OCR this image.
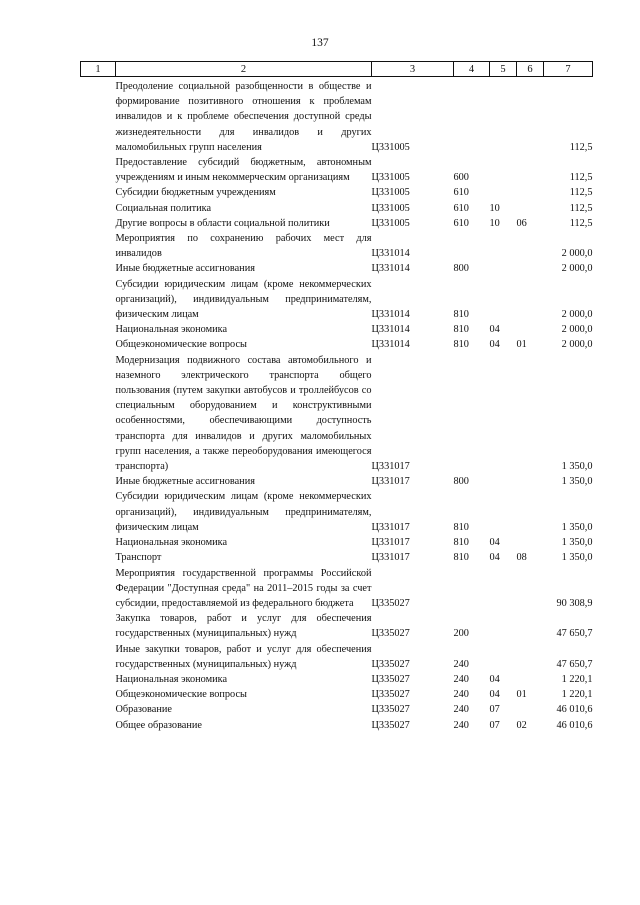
137
1	2	3	4	5	6	7
	Преодоление социальной разобщенности в обществе и формирование позитивного отношения к проблемам инвалидов и к проблеме обеспечения доступной среды жизнедеятельности для инвалидов и других маломобильных групп населения	Ц331005				112,5
	Предоставление субсидий бюджетным, автономным учреждениям и иным некоммерческим организациям	Ц331005	600			112,5
	Субсидии бюджетным учреждениям	Ц331005	610			112,5
	Социальная политика	Ц331005	610	10		112,5
	Другие вопросы в области социальной политики	Ц331005	610	10	06	112,5
	Мероприятия по сохранению рабочих мест для инвалидов	Ц331014				2 000,0
	Иные бюджетные ассигнования	Ц331014	800			2 000,0
	Субсидии юридическим лицам (кроме некоммерческих организаций), индивидуальным предпринимателям, физическим лицам	Ц331014	810			2 000,0
	Национальная экономика	Ц331014	810	04		2 000,0
	Общеэкономические вопросы	Ц331014	810	04	01	2 000,0
	Модернизация подвижного состава автомобильного и наземного электрического транспорта общего пользования (путем закупки автобусов и троллейбусов со специальным оборудованием и конструктивными особенностями, обеспечивающими доступность транспорта для инвалидов и других маломобильных групп населения, а также переоборудования имеющегося транспорта)	Ц331017				1 350,0
	Иные бюджетные ассигнования	Ц331017	800			1 350,0
	Субсидии юридическим лицам (кроме некоммерческих организаций), индивидуальным предпринимателям, физическим лицам	Ц331017	810			1 350,0
	Национальная экономика	Ц331017	810	04		1 350,0
	Транспорт	Ц331017	810	04	08	1 350,0
	Мероприятия государственной программы Российской Федерации "Доступная среда" на 2011–2015 годы за счет субсидии, предоставляемой из федерального бюджета	Ц335027				90 308,9
	Закупка товаров, работ и услуг для обеспечения государственных (муниципальных) нужд	Ц335027	200			47 650,7
	Иные закупки товаров, работ и услуг для обеспечения государственных (муниципальных) нужд	Ц335027	240			47 650,7
	Национальная экономика	Ц335027	240	04		1 220,1
	Общеэкономические вопросы	Ц335027	240	04	01	1 220,1
	Образование	Ц335027	240	07		46 010,6
	Общее образование	Ц335027	240	07	02	46 010,6
